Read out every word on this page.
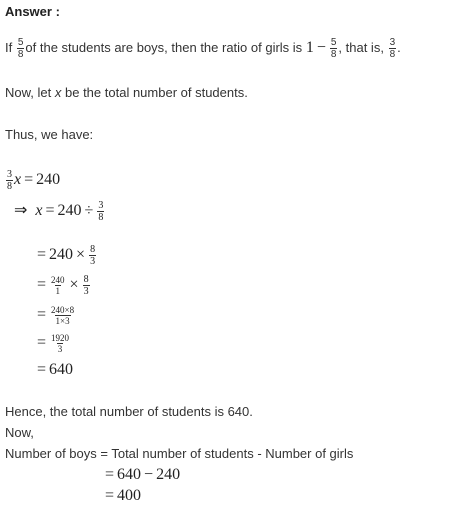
Answer :
If $\frac{5}{8}$ of the students are boys, then the ratio of girls is $1 - \frac{5}{8}$ , that is, $\frac{3}{8}$ .
Now, let x be the total number of students.
Thus, we have:
$\frac{3}{8}$ x = 240
⇒ $x = 240 \div \frac{3}{8}$
= $240 \times \frac{8}{3}$
= $\frac{240}{1} \times \frac{8}{3}$
= $\frac{240\times 8}{1\times 3}$
= $\frac{1920}{3}$
= 640
Hence, the total number of students is 640.
Now,
Number of boys = Total number of students - Number of girls
= 640 − 240
= 400
